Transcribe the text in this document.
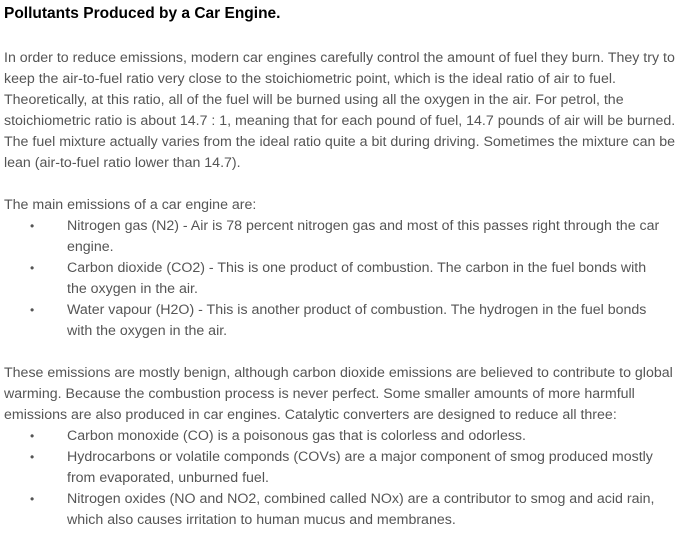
Pollutants Produced by a Car Engine.

In order to reduce emissions, modern car engines carefully control the amount of fuel they burn. They try to keep the air-to-fuel ratio very close to the stoichiometric point, which is the ideal ratio of air to fuel. Theoretically, at this ratio, all of the fuel will be burned using all the oxygen in the air. For petrol, the stoichiometric ratio is about 14.7 : 1, meaning that for each pound of fuel, 14.7 pounds of air will be burned. The fuel mixture actually varies from the ideal ratio quite a bit during driving. Sometimes the mixture can be lean (air-to-fuel ratio lower than 14.7).

The main emissions of a car engine are:

• Nitrogen gas (N2) - Air is 78 percent nitrogen gas and most of this passes right through the car engine.
• Carbon dioxide (CO2) - This is one product of combustion. The carbon in the fuel bonds with the oxygen in the air.
• Water vapour (H2O) - This is another product of combustion. The hydrogen in the fuel bonds with the oxygen in the air.

These emissions are mostly benign, although carbon dioxide emissions are believed to contribute to global warming. Because the combustion process is never perfect. Some smaller amounts of more harmfull emissions are also produced in car engines. Catalytic converters are designed to reduce all three:

• Carbon monoxide (CO) is a poisonous gas that is colorless and odorless.
• Hydrocarbons or volatile componds (COVs) are a major component of smog produced mostly from evaporated, unburned fuel.
• Nitrogen oxides (NO and NO2, combined called NOx) are a contributor to smog and acid rain, which also causes irritation to human mucus and membranes.
